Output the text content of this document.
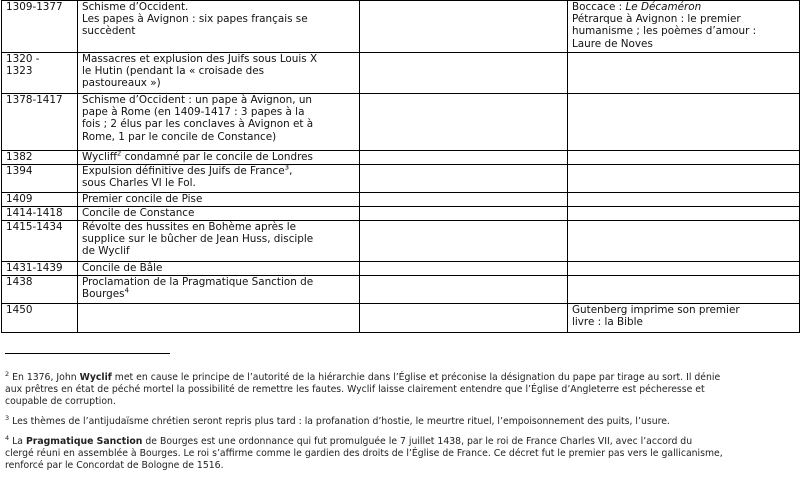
1309-1377	Schisme d’Occident.
Les papes à Avignon : six papes français se
succèdent		Boccace : Le Décaméron
Pétrarque à Avignon : le premier
humanisme ; les poèmes d’amour :
Laure de Noves

1320 -
1323	Massacres et explusion des Juifs sous Louis X
le Hutin (pendant la « croisade des
pastoureaux »)		

1378-1417	Schisme d’Occident : un pape à Avignon, un
pape à Rome (en 1409-1417 : 3 papes à la
fois ; 2 élus par les conclaves à Avignon et à
Rome, 1 par le concile de Constance)		

1382	Wycliff$^2$ condamné par le concile de Londres		

1394	Expulsion définitive des Juifs de France$^3$,
sous Charles VI le Fol.		

1409	Premier concile de Pise		

1414-1418	Concile de Constance		

1415-1434	Révolte des hussites en Bohème après le
supplice sur le bûcher de Jean Huss, disciple
de Wyclif		

1431-1439	Concile de Bâle		

1438	Proclamation de la Pragmatique Sanction de
Bourges$^4$

1450			Gutenberg imprime son premier
livre : la Bible
$^2$ En 1376, John Wyclif met en cause le principe de l’autorité de la hiérarchie dans l’Église et préconise la désignation du pape par tirage au sort. Il dénie
aux prêtres en état de péché mortel la possibilité de remettre les fautes. Wyclif laisse clairement entendre que l’Église d’Angleterre est pécheresse et
coupable de corruption.
$^3$ Les thèmes de l’antijudaïsme chrétien seront repris plus tard : la profanation d’hostie, le meurtre rituel, l’empoisonnement des puits, l’usure.
$^4$ La Pragmatique Sanction de Bourges est une ordonnance qui fut promulguée le 7 juillet 1438, par le roi de France Charles VII, avec l’accord du
clergé réuni en assemblée à Bourges. Le roi s’affirme comme le gardien des droits de l’Église de France. Ce décret fut le premier pas vers le gallicanisme,
renforcé par le Concordat de Bologne de 1516.
